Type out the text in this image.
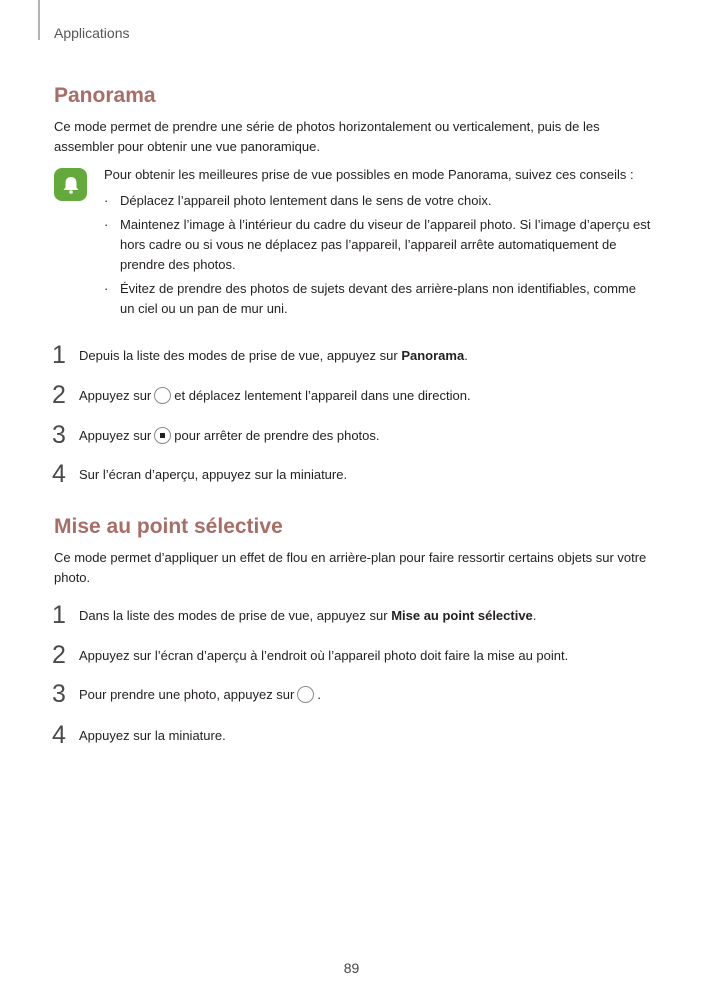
Applications
Panorama

Ce mode permet de prendre une série de photos horizontalement ou verticalement, puis de les assembler pour obtenir une vue panoramique.

Pour obtenir les meilleures prise de vue possibles en mode Panorama, suivez ces conseils :

· Déplacez l’appareil photo lentement dans le sens de votre choix.
· Maintenez l’image à l’intérieur du cadre du viseur de l’appareil photo. Si l’image d’aperçu est hors cadre ou si vous ne déplacez pas l’appareil, l’appareil arrête automatiquement de prendre des photos.
· Évitez de prendre des photos de sujets devant des arrière-plans non identifiables, comme un ciel ou un pan de mur uni.
1	Depuis la liste des modes de prise de vue, appuyez sur
Panorama .
2	Appuyez sur et déplacez lentement l’appareil dans une direction.
3	Appuyez sur pour arrêter de prendre des photos.
4	Sur l’écran d’aperçu, appuyez sur la miniature.
Mise au point sélective

Ce mode permet d’appliquer un effet de flou en arrière-plan pour faire ressortir certains objets sur votre photo.

1	Dans la liste des modes de prise de vue, appuyez sur
Mise au point sélective .
2	Appuyez sur l’écran d’aperçu à l’endroit où l’appareil photo doit faire la mise au point.
3	Pour prendre une photo, appuyez sur .
4	Appuyez sur la miniature.
89
